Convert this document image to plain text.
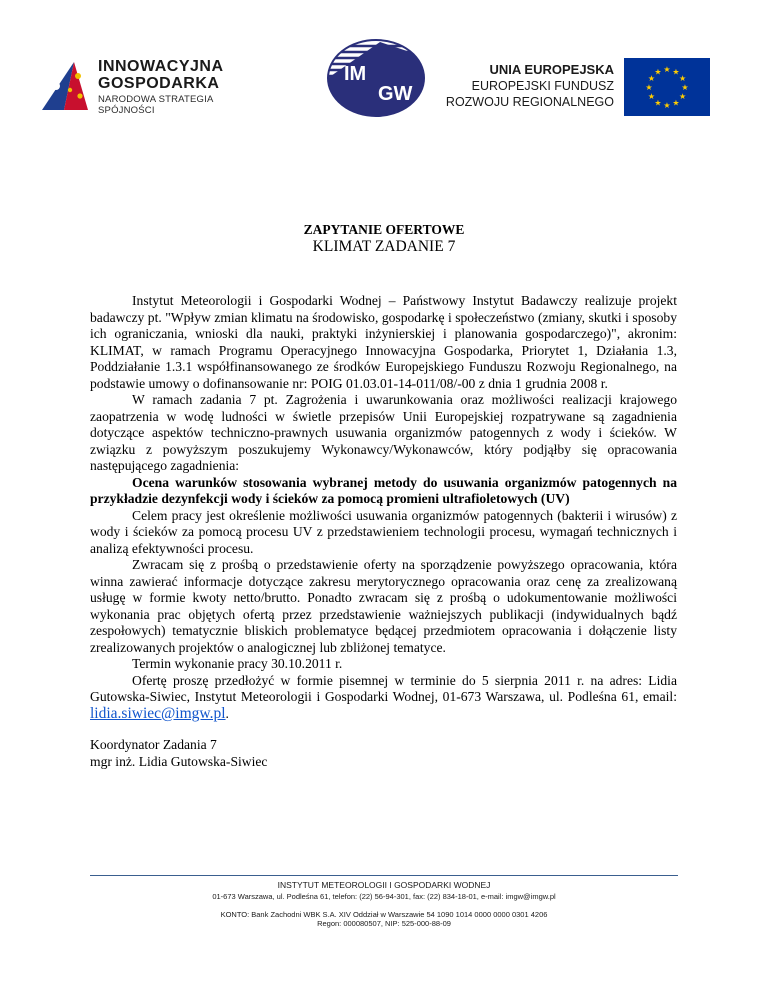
INNOWACYJNA
GOSPODARKA
NARODOWA STRATEGIA SPÓJNOŚCI
IM
GW
UNIA EUROPEJSKA
EUROPEJSKI FUNDUSZ
ROZWOJU REGIONALNEGO
★ ★
★
★
★
★
★
★
★
★
★
★
ZAPYTANIE OFERTOWE
KLIMAT ZADANIE 7

Instytut Meteorologii i Gospodarki Wodnej – Państwowy Instytut Badawczy realizuje projekt badawczy pt. "Wpływ zmian klimatu na środowisko, gospodarkę i społeczeństwo (zmiany, skutki i sposoby ich ograniczania, wnioski dla nauki, praktyki inżynierskiej i planowania gospodarczego)", akronim: KLIMAT, w ramach Programu Operacyjnego Innowacyjna Gospodarka, Priorytet 1, Działania 1.3, Poddziałanie 1.3.1 współfinansowanego ze środków Europejskiego Funduszu Rozwoju Regionalnego, na podstawie umowy o dofinansowanie nr: POIG 01.03.01-14-011/08/-00 z dnia 1 grudnia 2008 r.

W ramach zadania 7 pt. Zagrożenia i uwarunkowania oraz możliwości realizacji krajowego zaopatrzenia w wodę ludności w świetle przepisów Unii Europejskiej rozpatrywane są zagadnienia dotyczące aspektów techniczno-prawnych usuwania organizmów patogennych z wody i ścieków. W związku z powyższym poszukujemy Wykonawcy/Wykonawców, który podjąłby się opracowania następującego zagadnienia:

Ocena warunków stosowania wybranej metody do usuwania organizmów patogennych na przykładzie dezynfekcji wody i ścieków za pomocą promieni ultrafioletowych (UV)

Celem pracy jest określenie możliwości usuwania organizmów patogennych (bakterii i wirusów) z wody i ścieków za pomocą procesu UV z przedstawieniem technologii procesu, wymagań technicznych i analizą efektywności procesu.

Zwracam się z prośbą o przedstawienie oferty na sporządzenie powyższego opracowania, która winna zawierać informacje dotyczące zakresu merytorycznego opracowania oraz cenę za zrealizowaną usługę w formie kwoty netto/brutto. Ponadto zwracam się z prośbą o udokumentowanie możliwości wykonania prac objętych ofertą przez przedstawienie ważniejszych publikacji (indywidualnych bądź zespołowych) tematycznie bliskich problematyce będącej przedmiotem opracowania i dołączenie listy zrealizowanych projektów o analogicznej lub zbliżonej tematyce.

Termin wykonanie pracy 30.10.2011 r.

Ofertę proszę przedłożyć w formie pisemnej w terminie do 5 sierpnia 2011 r. na adres: Lidia Gutowska-Siwiec, Instytut Meteorologii i Gospodarki Wodnej, 01-673 Warszawa, ul. Podleśna 61, email: lidia.siwiec@imgw.pl.

Koordynator Zadania 7
mgr inż. Lidia Gutowska-Siwiec
INSTYTUT METEOROLOGII I GOSPODARKI WODNEJ
01-673 Warszawa, ul. Podleśna 61, telefon: (22) 56-94-301, fax: (22) 834-18-01, e-mail: imgw@imgw.pl
KONTO: Bank Zachodni WBK S.A. XIV Oddział w Warszawie 54 1090 1014 0000 0000 0301 4206
Regon: 000080507, NIP: 525-000-88-09
